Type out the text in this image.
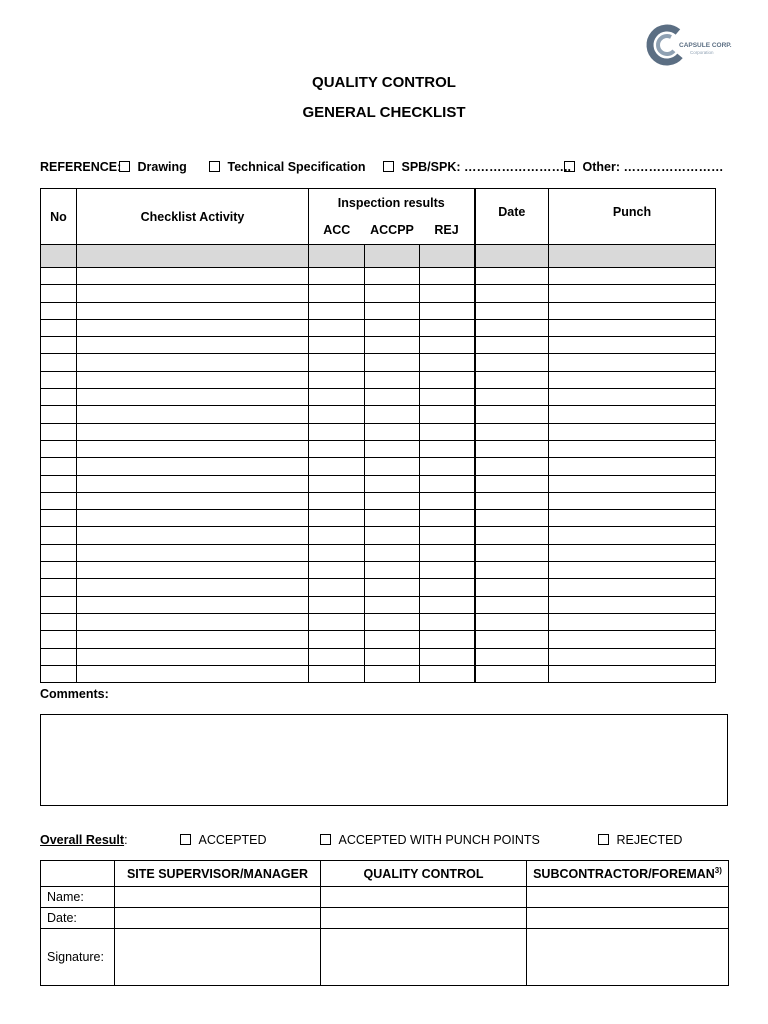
CAPSULE CORP.
Corporation
QUALITY CONTROL
GENERAL CHECKLIST
REFERENCE:	Drawing	Technical Specification	SPB/SPK: …………………….. Other: ……………………
No	Checklist Activity	Inspection results			Date	Punch
		ACC	ACCPP	REJ		

Comments:
Overall Result:	ACCEPTED	ACCEPTED WITH PUNCH POINTS	REJECTED
	SITE SUPERVISOR/MANAGER	QUALITY CONTROL	SUBCONTRACTOR/FOREMAN$^{3)}$
Name:			
Date:			
Signature:			
